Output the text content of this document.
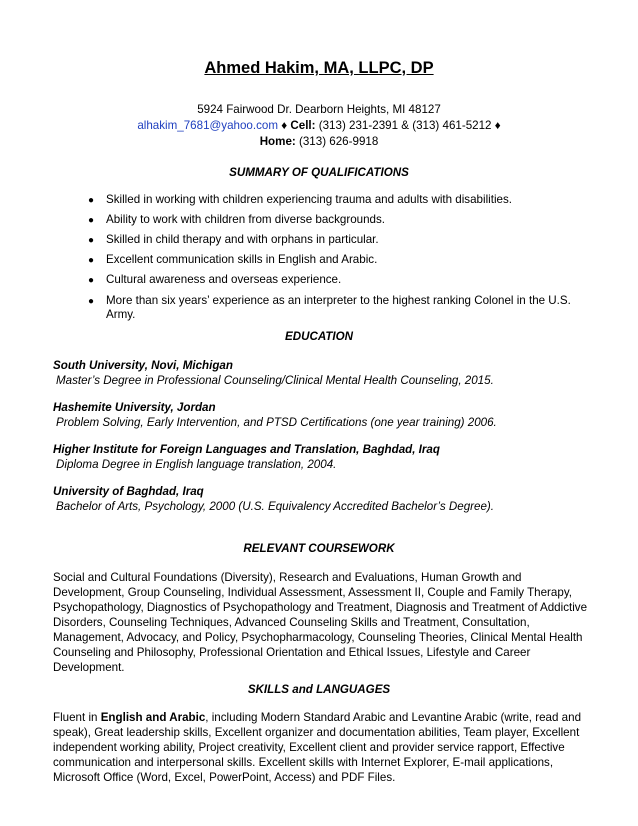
Ahmed Hakim, MA, LLPC, DP
5924 Fairwood Dr. Dearborn Heights, MI 48127
alhakim_7681@yahoo.com ♦ Cell: (313) 231-2391 & (313) 461-5212 ♦
Home: (313) 626-9918
SUMMARY OF QUALIFICATIONS
● Skilled in working with children experiencing trauma and adults with disabilities.
● Ability to work with children from diverse backgrounds.
● Skilled in child therapy and with orphans in particular.
● Excellent communication skills in English and Arabic.
● Cultural awareness and overseas experience.
● More than six years’ experience as an interpreter to the highest ranking Colonel in the U.S. Army.
EDUCATION
South University, Novi, Michigan
Master’s Degree in Professional Counseling/Clinical Mental Health Counseling, 2015.
Hashemite University, Jordan
Problem Solving, Early Intervention, and PTSD Certifications (one year training) 2006.
Higher Institute for Foreign Languages and Translation, Baghdad, Iraq
Diploma Degree in English language translation, 2004.
University of Baghdad, Iraq
Bachelor of Arts, Psychology, 2000 (U.S. Equivalency Accredited Bachelor’s Degree).
RELEVANT COURSEWORK
Social and Cultural Foundations (Diversity), Research and Evaluations, Human Growth and Development, Group Counseling, Individual Assessment, Assessment II, Couple and Family Therapy, Psychopathology, Diagnostics of Psychopathology and Treatment, Diagnosis and Treatment of Addictive Disorders, Counseling Techniques, Advanced Counseling Skills and Treatment, Consultation, Management, Advocacy, and Policy, Psychopharmacology, Counseling Theories, Clinical Mental Health Counseling and Philosophy, Professional Orientation and Ethical Issues, Lifestyle and Career Development.
SKILLS and LANGUAGES
Fluent in English and Arabic, including Modern Standard Arabic and Levantine Arabic (write, read and speak), Great leadership skills, Excellent organizer and documentation abilities, Team player, Excellent independent working ability, Project creativity, Excellent client and provider service rapport, Effective communication and interpersonal skills. Excellent skills with Internet Explorer, E-mail applications, Microsoft Office (Word, Excel, PowerPoint, Access) and PDF Files.
